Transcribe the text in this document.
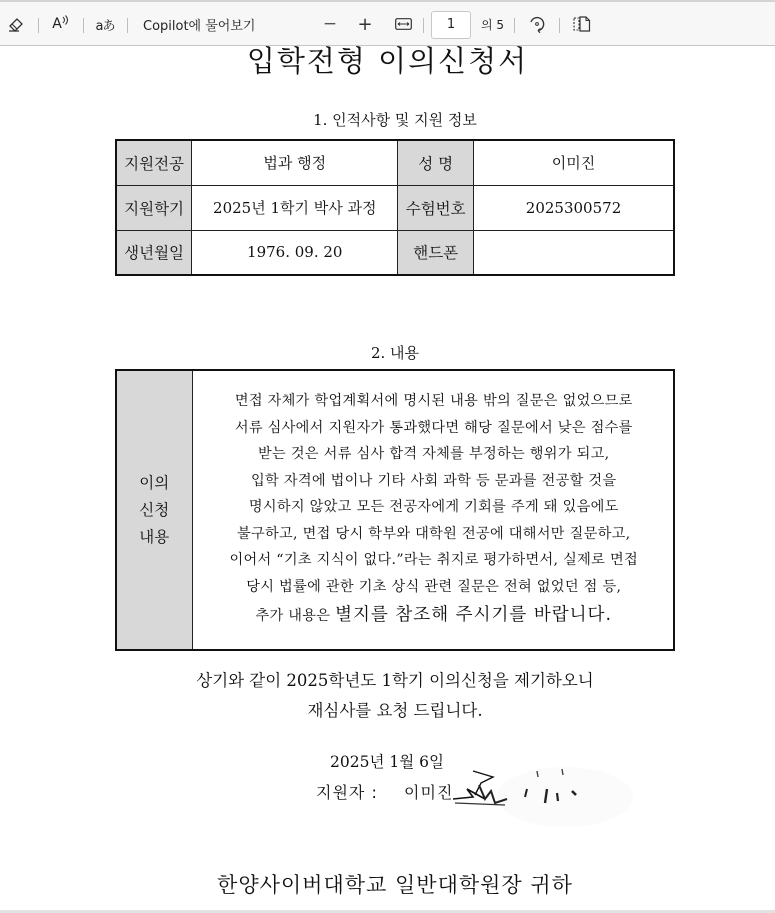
A	aあ Copilot에 물어보기	− +	1	의 5
입학전형 이의신청서
1. 인적사항 및 지원 정보
지원전공	법과 행정	성 명	이미진
지원학기	2025년 1학기 박사 과정	수험번호	2025300572
생년월일	1976. 09. 20	핸드폰	
2. 내용
이의
신청
내용

면접 자체가 학업계획서에 명시된 내용 밖의 질문은 없었으므로
서류 심사에서 지원자가 통과했다면 해당 질문에서 낮은 점수를
받는 것은 서류 심사 합격 자체를 부정하는 행위가 되고,
입학 자격에 법이나 기타 사회 과학 등 문과를 전공할 것을
명시하지 않았고 모든 전공자에게 기회를 주게 돼 있음에도
불구하고, 면접 당시 학부와 대학원 전공에 대해서만 질문하고,
이어서 “기초 지식이 없다.”라는 취지로 평가하면서, 실제로 면접
당시 법률에 관한 기초 상식 관련 질문은 전혀 없었던 점 등,
추가 내용은 별지를 참조해 주시기를 바랍니다.
상기와 같이 2025학년도 1학기 이의신청을 제기하오니
재심사를 요청 드립니다.
2025년 1월 6일
지원자 : 이미진
한양사이버대학교 일반대학원장 귀하
